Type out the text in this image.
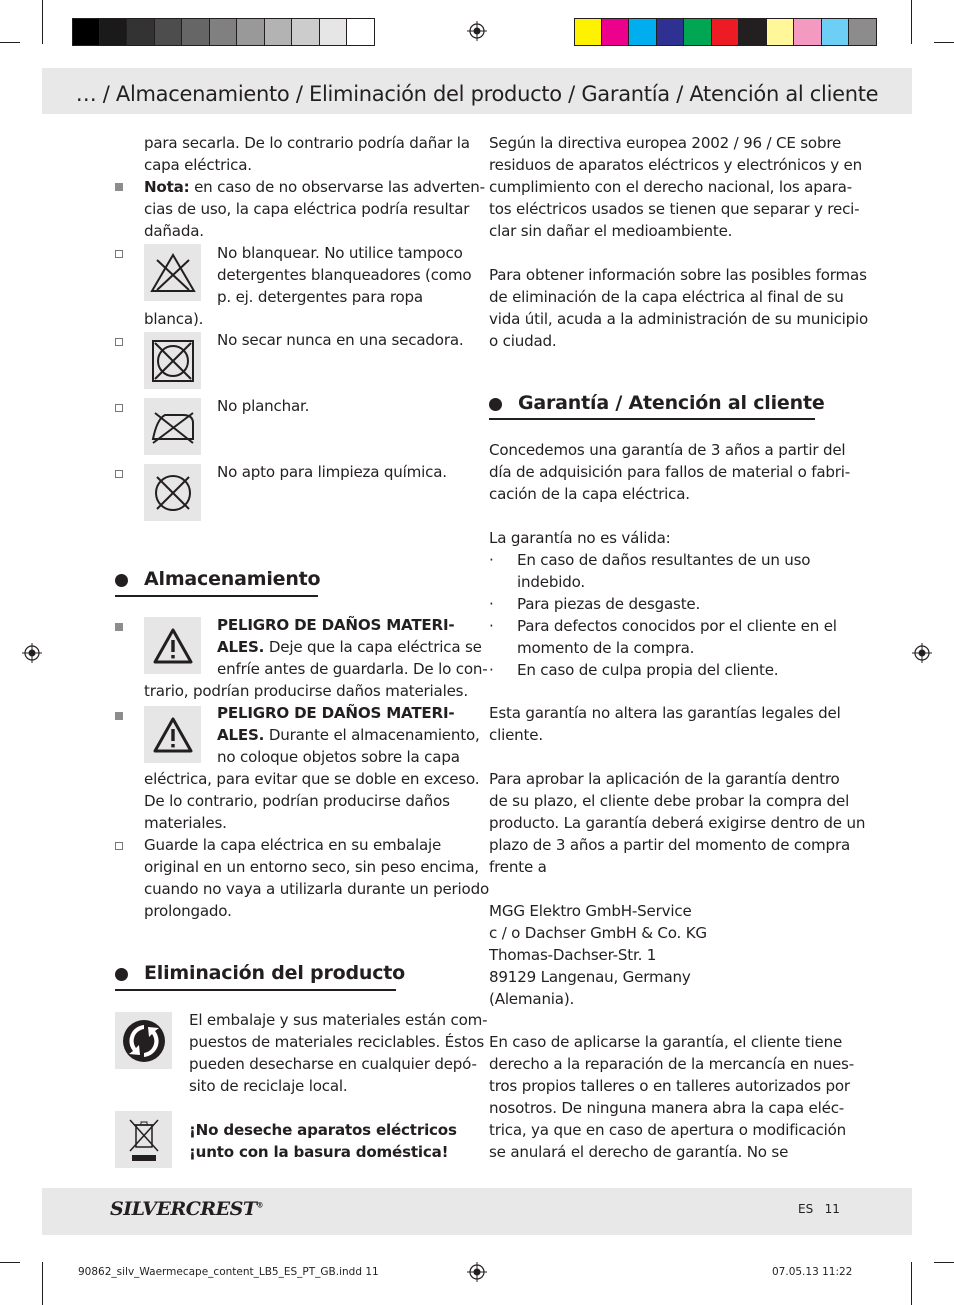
… / Almacenamiento / Eliminación del producto / Garantía / Atención al cliente
para secarla. De lo contrario podría dañar la
capa eléctrica.
Nota: en caso de no observarse las adverten-
cias de uso, la capa eléctrica podría resultar
dañada.
No blanquear. No utilice tampoco
detergentes blanqueadores (como
p. ej. detergentes para ropa
blanca).
No secar nunca en una secadora.
No planchar.
No apto para limpieza química.
Almacenamiento
PELIGRO DE DAÑOS MATERI-
ALES. Deje que la capa eléctrica se
enfríe antes de guardarla. De lo con-
trario, podrían producirse daños materiales.
PELIGRO DE DAÑOS MATERI-
ALES. Durante el almacenamiento,
no coloque objetos sobre la capa
eléctrica, para evitar que se doble en exceso.
De lo contrario, podrían producirse daños
materiales.
Guarde la capa eléctrica en su embalaje
original en un entorno seco, sin peso encima,
cuando no vaya a utilizarla durante un periodo
prolongado.
Eliminación del producto
El embalaje y sus materiales están com-
puestos de materiales reciclables. Éstos
pueden desecharse en cualquier depó-
sito de reciclaje local.
¡No deseche aparatos eléctricos
¡unto con la basura doméstica!
Según la directiva europea 2002 / 96 / CE sobre
residuos de aparatos eléctricos y electrónicos y en
cumplimiento con el derecho nacional, los apara-
tos eléctricos usados se tienen que separar y reci-
clar sin dañar el medioambiente.
Para obtener información sobre las posibles formas
de eliminación de la capa eléctrica al final de su
vida útil, acuda a la administración de su municipio
o ciudad.
Concedemos una garantía de 3 años a partir del
día de adquisición para fallos de material o fabri-
cación de la capa eléctrica.
La garantía no es válida:
· En caso de daños resultantes de un uso
indebido.
· Para piezas de desgaste.
· Para defectos conocidos por el cliente en el
momento de la compra.
· En caso de culpa propia del cliente.
Esta garantía no altera las garantías legales del
cliente.
Para aprobar la aplicación de la garantía dentro
de su plazo, el cliente debe probar la compra del
producto. La garantía deberá exigirse dentro de un
plazo de 3 años a partir del momento de compra
frente a
MGG Elektro GmbH-Service
c / o Dachser GmbH & Co. KG
Thomas-Dachser-Str. 1
89129 Langenau, Germany
(Alemania).
En caso de aplicarse la garantía, el cliente tiene
derecho a la reparación de la mercancía en nues-
tros propios talleres o en talleres autorizados por
nosotros. De ninguna manera abra la capa eléc-
trica, ya que en caso de apertura o modificación
se anulará el derecho de garantía. No se
Garantía / Atención al cliente
SILVERCREST®	ES 11
90862_silv_Waermecape_content_LB5_ES_PT_GB.indd 11	07.05.13 11:22
